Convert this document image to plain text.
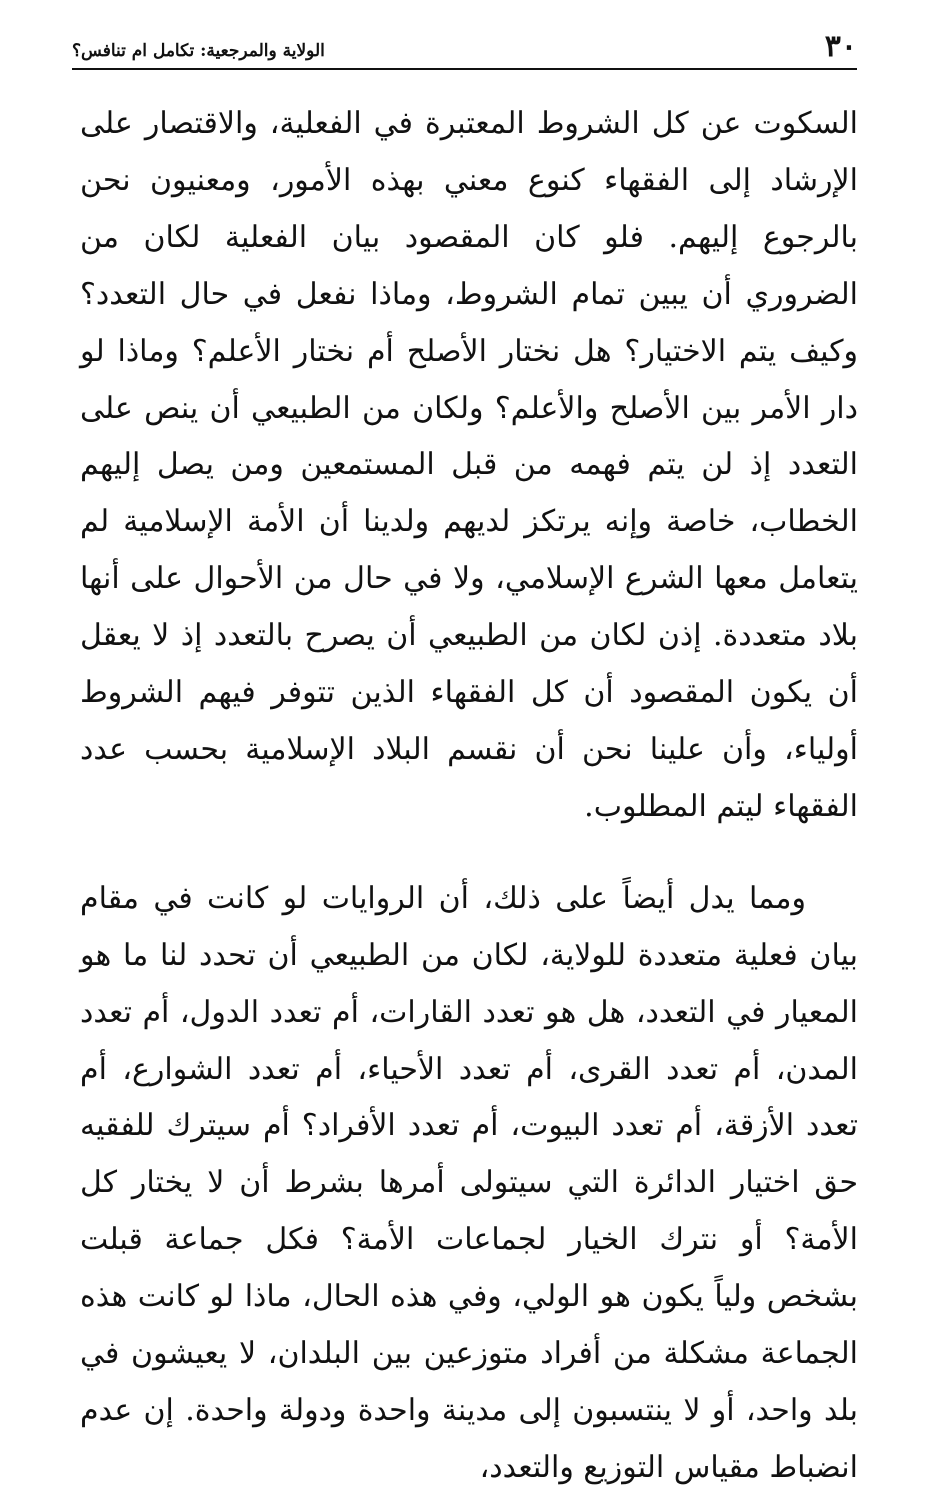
٣٠
الولاية والمرجعية: تكامل ام تنافس؟

السكوت عن كل الشروط المعتبرة في الفعلية، والاقتصار على الإرشاد إلى الفقهاء كنوع معني بهذه الأمور، ومعنيون نحن بالرجوع إليهم. فلو كان المقصود بيان الفعلية لكان من الضروري أن يبين تمام الشروط، وماذا نفعل في حال التعدد؟ وكيف يتم الاختيار؟ هل نختار الأصلح أم نختار الأعلم؟ وماذا لو دار الأمر بين الأصلح والأعلم؟ ولكان من الطبيعي أن ينص على التعدد إذ لن يتم فهمه من قبل المستمعين ومن يصل إليهم الخطاب، خاصة وإنه يرتكز لديهم ولدينا أن الأمة الإسلامية لم يتعامل معها الشرع الإسلامي، ولا في حال من الأحوال على أنها بلاد متعددة. إذن لكان من الطبيعي أن يصرح بالتعدد إذ لا يعقل أن يكون المقصود أن كل الفقهاء الذين تتوفر فيهم الشروط أولياء، وأن علينا نحن أن نقسم البلاد الإسلامية بحسب عدد الفقهاء ليتم المطلوب.

ومما يدل أيضاً على ذلك، أن الروايات لو كانت في مقام بيان فعلية متعددة للولاية، لكان من الطبيعي أن تحدد لنا ما هو المعيار في التعدد، هل هو تعدد القارات، أم تعدد الدول، أم تعدد المدن، أم تعدد القرى، أم تعدد الأحياء، أم تعدد الشوارع، أم تعدد الأزقة، أم تعدد البيوت، أم تعدد الأفراد؟ أم سيترك للفقيه حق اختيار الدائرة التي سيتولى أمرها بشرط أن لا يختار كل الأمة؟ أو نترك الخيار لجماعات الأمة؟ فكل جماعة قبلت بشخص ولياً يكون هو الولي، وفي هذه الحال، ماذا لو كانت هذه الجماعة مشكلة من أفراد متوزعين بين البلدان، لا يعيشون في بلد واحد، أو لا ينتسبون إلى مدينة واحدة ودولة واحدة. إن عدم انضباط مقياس التوزيع والتعدد،
